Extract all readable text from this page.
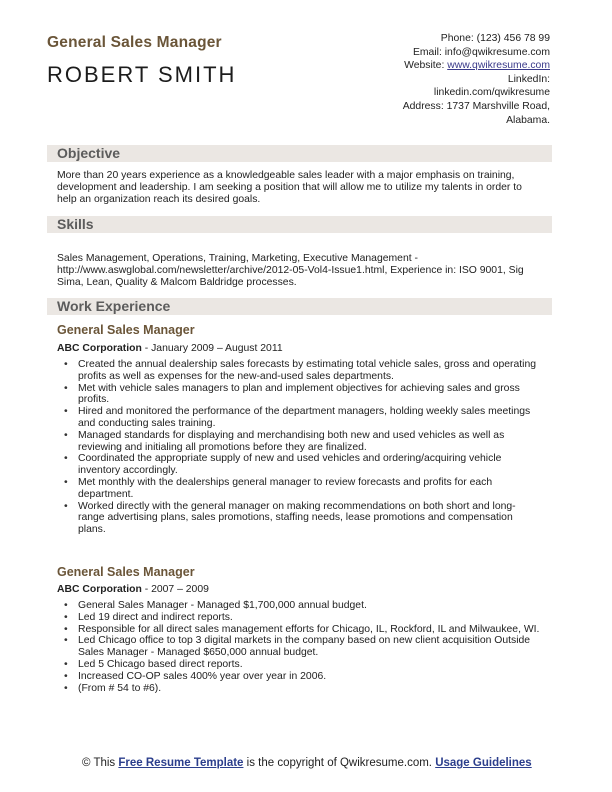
General Sales Manager
ROBERT SMITH
Phone: (123) 456 78 99
Email: info@qwikresume.com
Website: www.qwikresume.com
LinkedIn:
linkedin.com/qwikresume
Address: 1737 Marshville Road,
Alabama.
Objective
More than 20 years experience as a knowledgeable sales leader with a major emphasis on training, development and leadership. I am seeking a position that will allow me to utilize my talents in order to help an organization reach its desired goals.
Skills
Sales Management, Operations, Training, Marketing, Executive Management - http://www.aswglobal.com/newsletter/archive/2012-05-Vol4-Issue1.html, Experience in: ISO 9001, Sig Sima, Lean, Quality & Malcom Baldridge processes.
Work Experience
General Sales Manager
ABC Corporation - January 2009 – August 2011
• Created the annual dealership sales forecasts by estimating total vehicle sales, gross and operating profits as well as expenses for the new-and-used sales departments.
• Met with vehicle sales managers to plan and implement objectives for achieving sales and gross profits.
• Hired and monitored the performance of the department managers, holding weekly sales meetings and conducting sales training.
• Managed standards for displaying and merchandising both new and used vehicles as well as reviewing and initialing all promotions before they are finalized.
• Coordinated the appropriate supply of new and used vehicles and ordering/acquiring vehicle inventory accordingly.
• Met monthly with the dealerships general manager to review forecasts and profits for each department.
• Worked directly with the general manager on making recommendations on both short and long-range advertising plans, sales promotions, staffing needs, lease promotions and compensation plans.
General Sales Manager
ABC Corporation - 2007 – 2009
• General Sales Manager - Managed $1,700,000 annual budget.
• Led 19 direct and indirect reports.
• Responsible for all direct sales management efforts for Chicago, IL, Rockford, IL and Milwaukee, WI.
• Led Chicago office to top 3 digital markets in the company based on new client acquisition Outside Sales Manager - Managed $650,000 annual budget.
• Led 5 Chicago based direct reports.
• Increased CO-OP sales 400% year over year in 2006.
• (From # 54 to #6).
© This Free Resume Template is the copyright of Qwikresume.com. Usage Guidelines
